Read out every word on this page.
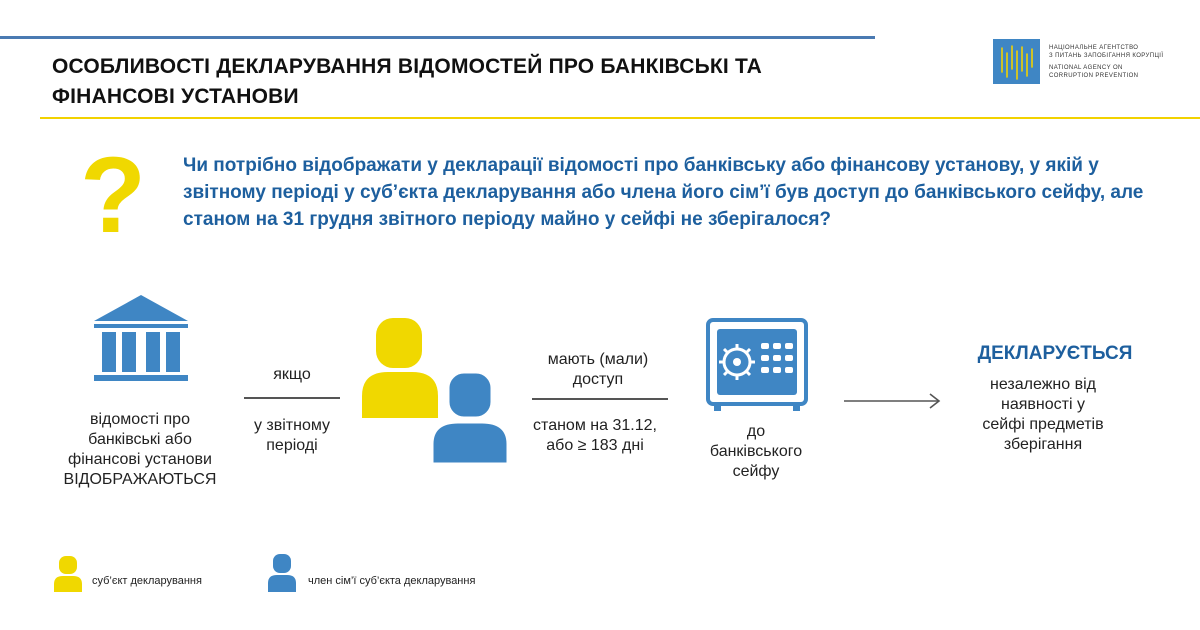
ОСОБЛИВОСТІ ДЕКЛАРУВАННЯ ВІДОМОСТЕЙ ПРО БАНКІВСЬКІ ТА
ФІНАНСОВІ УСТАНОВИ
НАЦІОНАЛЬНЕ АГЕНТСТВО
З ПИТАНЬ ЗАПОБІГАННЯ КОРУПЦІЇ
NATIONAL AGENCY ON
CORRUPTION PREVENTION
? Чи потрібно відображати у декларації відомості про банківську або фінансову установу, у якій у звітному періоді у суб’єкта декларування або члена його сім’ї був доступ до банківського сейфу, але станом на 31 грудня звітного періоду майно у сейфі не зберігалося?
відомості про
банківські або
фінансові установи
ВІДОБРАЖАЮТЬСЯ
якщо
у звітному
періоді
мають (мали)
доступ
станом на 31.12,
або ≥ 183 дні
до
банківського
сейфу
ДЕКЛАРУЄТЬСЯ
незалежно від
наявності у
сейфі предметів
зберігання
суб’єкт декларування	член сім’ї суб’єкта декларування
